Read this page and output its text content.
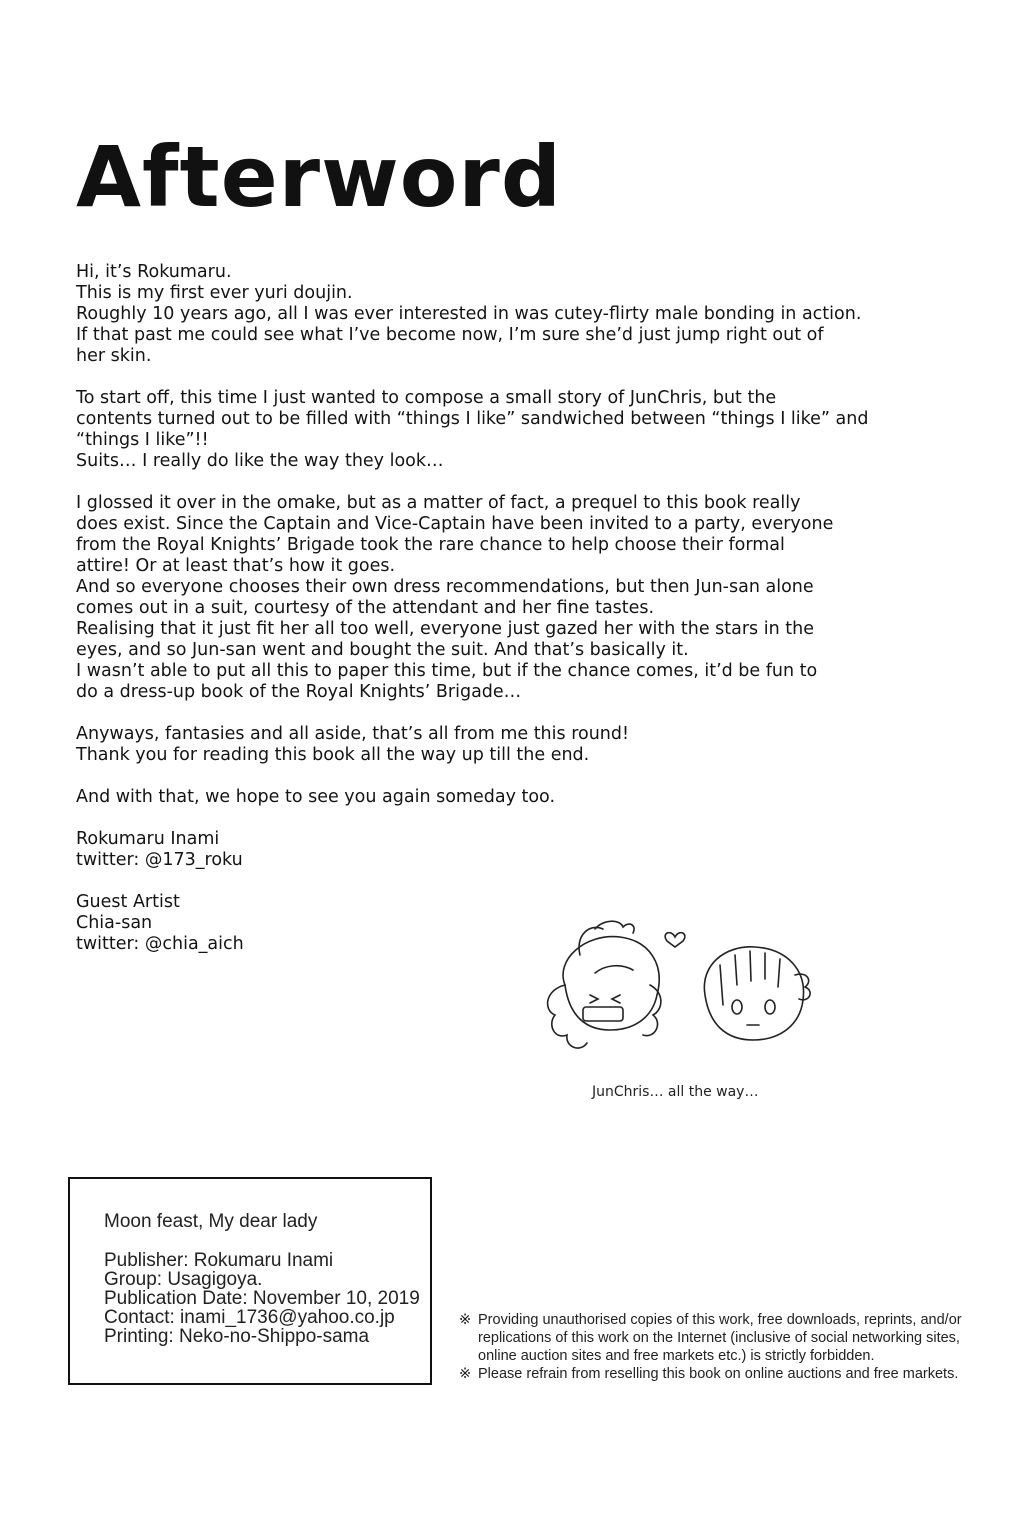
Afterword

Hi, it’s Rokumaru.
This is my first ever yuri doujin.
Roughly 10 years ago, all I was ever interested in was cutey-flirty male bonding in action.
If that past me could see what I’ve become now, I’m sure she’d just jump right out of
her skin.

To start off, this time I just wanted to compose a small story of JunChris, but the
contents turned out to be filled with “things I like” sandwiched between “things I like” and
“things I like”!!
Suits… I really do like the way they look…

I glossed it over in the omake, but as a matter of fact, a prequel to this book really
does exist. Since the Captain and Vice-Captain have been invited to a party, everyone
from the Royal Knights’ Brigade took the rare chance to help choose their formal
attire! Or at least that’s how it goes.
And so everyone chooses their own dress recommendations, but then Jun-san alone
comes out in a suit, courtesy of the attendant and her fine tastes.
Realising that it just fit her all too well, everyone just gazed her with the stars in the
eyes, and so Jun-san went and bought the suit. And that’s basically it.
I wasn’t able to put all this to paper this time, but if the chance comes, it’d be fun to
do a dress-up book of the Royal Knights’ Brigade…

Anyways, fantasies and all aside, that’s all from me this round!
Thank you for reading this book all the way up till the end.

And with that, we hope to see you again someday too.

Rokumaru Inami
twitter: @173_roku
Guest Artist
Chia-san
twitter: @chia_aich
JunChris… all the way…
Moon feast, My dear lady
Publisher: Rokumaru Inami
Group: Usagigoya.
Publication Date: November 10, 2019
Contact: inami_1736@yahoo.co.jp
Printing: Neko-no-Shippo-sama
※ Providing unauthorised copies of this work, free downloads, reprints, and/or replications of this work on the Internet (inclusive of social networking sites, online auction sites and free markets etc.) is strictly forbidden.
※ Please refrain from reselling this book on online auctions and free markets.
